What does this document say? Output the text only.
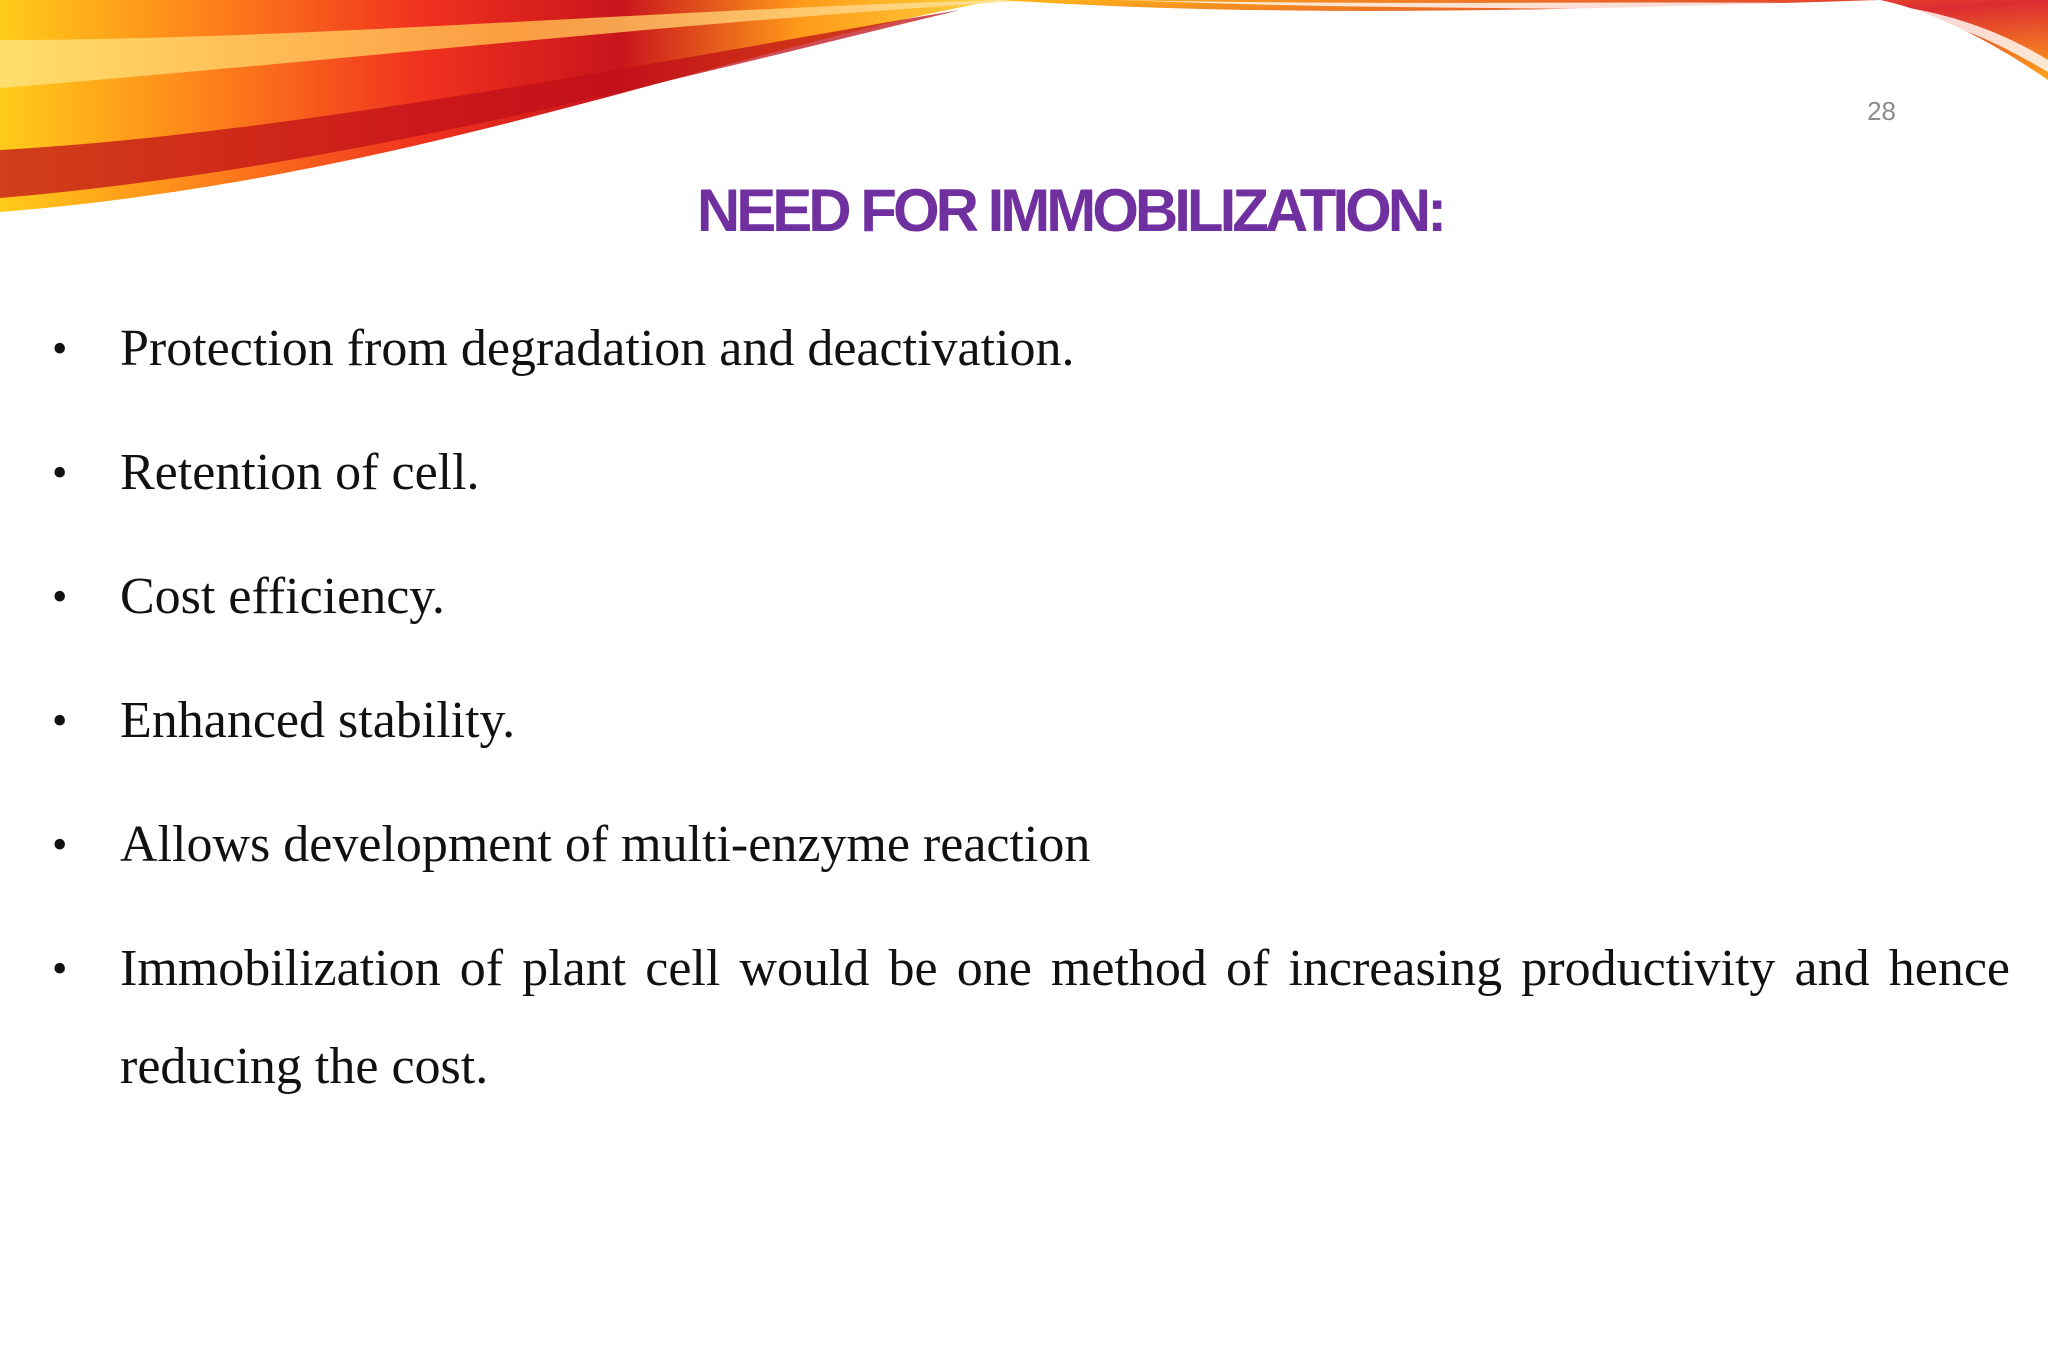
28
NEED FOR IMMOBILIZATION:
• Protection from degradation and deactivation.
• Retention of cell.
• Cost efficiency.
• Enhanced stability.
• Allows development of multi-enzyme reaction
• Immobilization of plant cell would be one method of increasing productivity and hence reducing the cost.
